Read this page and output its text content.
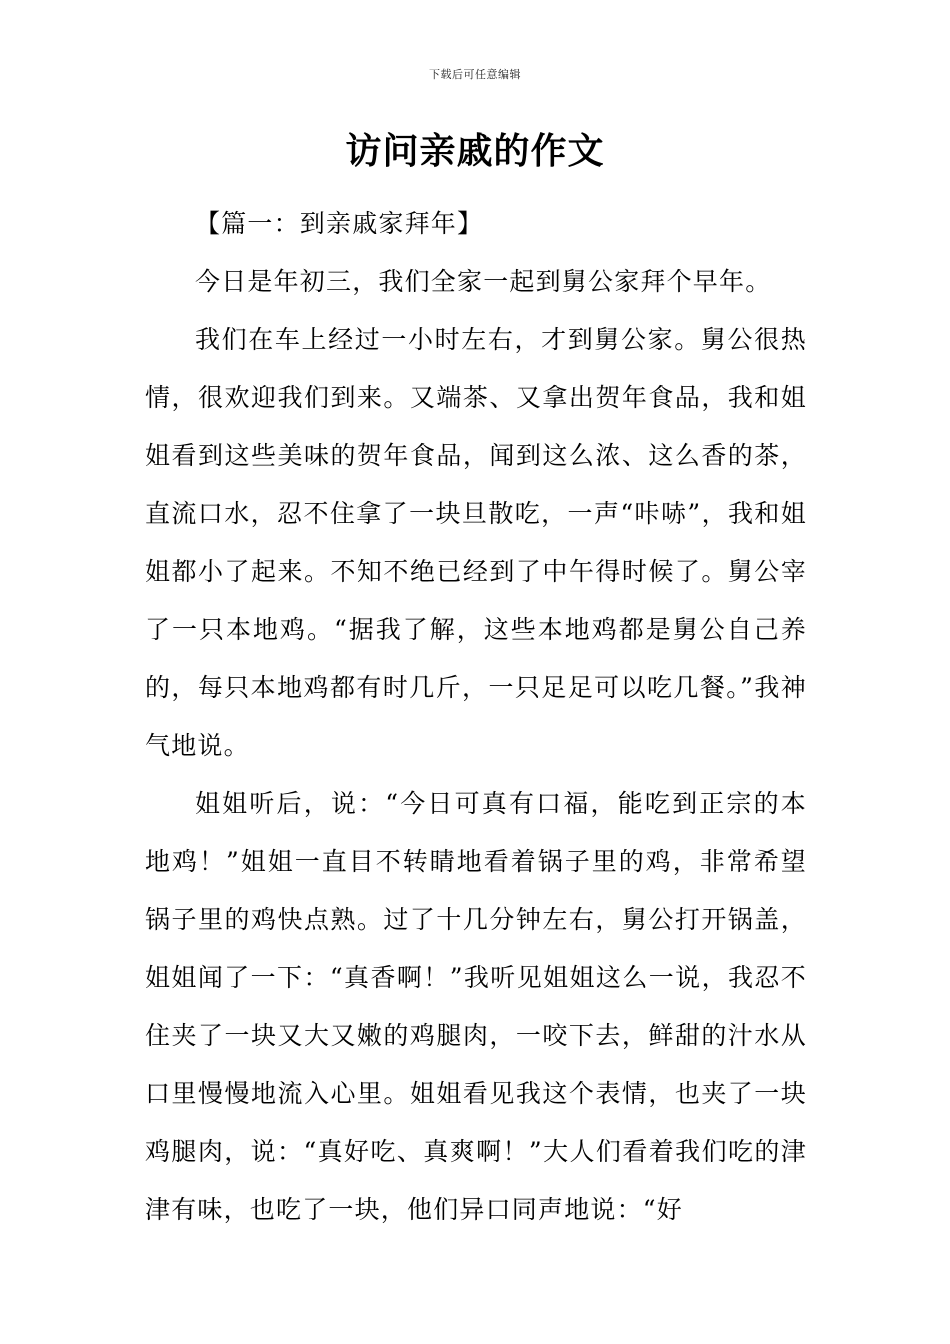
下载后可任意编辑
访问亲戚的作文

【篇一：到亲戚家拜年】

今日是年初三，我们全家一起到舅公家拜个早年。

我们在车上经过一小时左右，才到舅公家。舅公很热情，很欢迎我们到来。又端茶、又拿出贺年食品，我和姐姐看到这些美味的贺年食品，闻到这么浓、这么香的茶，直流口水，忍不住拿了一块旦散吃，一声“咔哧”，我和姐姐都小了起来。不知不绝已经到了中午得时候了。舅公宰了一只本地鸡。“据我了解，这些本地鸡都是舅公自己养的，每只本地鸡都有时几斤，一只足足可以吃几餐。”我神气地说。

姐姐听后，说：“今日可真有口福，能吃到正宗的本地鸡！”姐姐一直目不转睛地看着锅子里的鸡，非常希望锅子里的鸡快点熟。过了十几分钟左右，舅公打开锅盖，姐姐闻了一下：“真香啊！”我听见姐姐这么一说，我忍不住夹了一块又大又嫩的鸡腿肉，一咬下去，鲜甜的汁水从口里慢慢地流入心里。姐姐看见我这个表情，也夹了一块鸡腿肉，说：“真好吃、真爽啊！”大人们看着我们吃的津津有味，也吃了一块，他们异口同声地说：“好
